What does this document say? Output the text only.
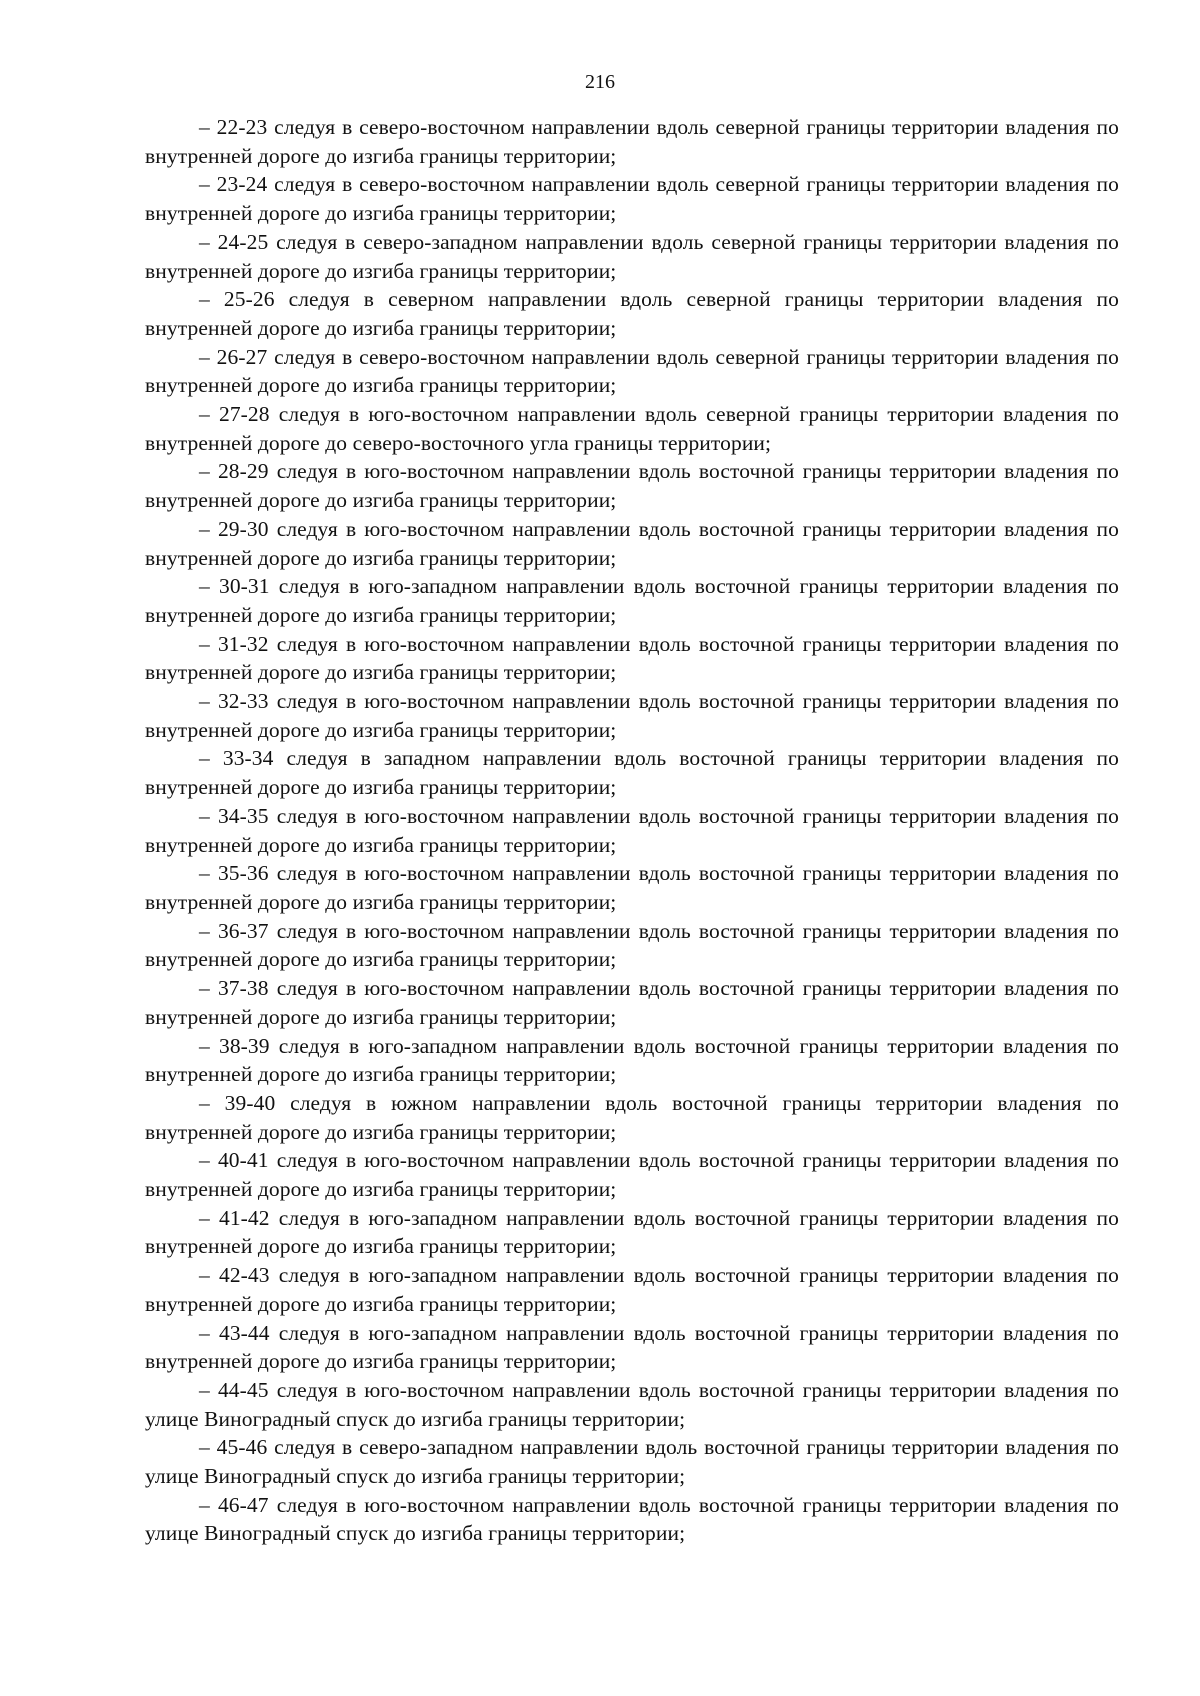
216

– 22-23 следуя в северо-восточном направлении вдоль северной границы территории владения по внутренней дороге до изгиба границы территории;

– 23-24 следуя в северо-восточном направлении вдоль северной границы территории владения по внутренней дороге до изгиба границы территории;

– 24-25 следуя в северо-западном направлении вдоль северной границы территории владения по внутренней дороге до изгиба границы территории;

– 25-26 следуя в северном направлении вдоль северной границы территории владения по внутренней дороге до изгиба границы территории;

– 26-27 следуя в северо-восточном направлении вдоль северной границы территории владения по внутренней дороге до изгиба границы территории;

– 27-28 следуя в юго-восточном направлении вдоль северной границы территории владения по внутренней дороге до северо-восточного угла границы территории;

– 28-29 следуя в юго-восточном направлении вдоль восточной границы территории владения по внутренней дороге до изгиба границы территории;

– 29-30 следуя в юго-восточном направлении вдоль восточной границы территории владения по внутренней дороге до изгиба границы территории;

– 30-31 следуя в юго-западном направлении вдоль восточной границы территории владения по внутренней дороге до изгиба границы территории;

– 31-32 следуя в юго-восточном направлении вдоль восточной границы территории владения по внутренней дороге до изгиба границы территории;

– 32-33 следуя в юго-восточном направлении вдоль восточной границы территории владения по внутренней дороге до изгиба границы территории;

– 33-34 следуя в западном направлении вдоль восточной границы территории владения по внутренней дороге до изгиба границы территории;

– 34-35 следуя в юго-восточном направлении вдоль восточной границы территории владения по внутренней дороге до изгиба границы территории;

– 35-36 следуя в юго-восточном направлении вдоль восточной границы территории владения по внутренней дороге до изгиба границы территории;

– 36-37 следуя в юго-восточном направлении вдоль восточной границы территории владения по внутренней дороге до изгиба границы территории;

– 37-38 следуя в юго-восточном направлении вдоль восточной границы территории владения по внутренней дороге до изгиба границы территории;

– 38-39 следуя в юго-западном направлении вдоль восточной границы территории владения по внутренней дороге до изгиба границы территории;

– 39-40 следуя в южном направлении вдоль восточной границы территории владения по внутренней дороге до изгиба границы территории;

– 40-41 следуя в юго-восточном направлении вдоль восточной границы территории владения по внутренней дороге до изгиба границы территории;

– 41-42 следуя в юго-западном направлении вдоль восточной границы территории владения по внутренней дороге до изгиба границы территории;

– 42-43 следуя в юго-западном направлении вдоль восточной границы территории владения по внутренней дороге до изгиба границы территории;

– 43-44 следуя в юго-западном направлении вдоль восточной границы территории владения по внутренней дороге до изгиба границы территории;

– 44-45 следуя в юго-восточном направлении вдоль восточной границы территории владения по улице Виноградный спуск до изгиба границы территории;

– 45-46 следуя в северо-западном направлении вдоль восточной границы территории владения по улице Виноградный спуск до изгиба границы территории;

– 46-47 следуя в юго-восточном направлении вдоль восточной границы территории владения по улице Виноградный спуск до изгиба границы территории;
